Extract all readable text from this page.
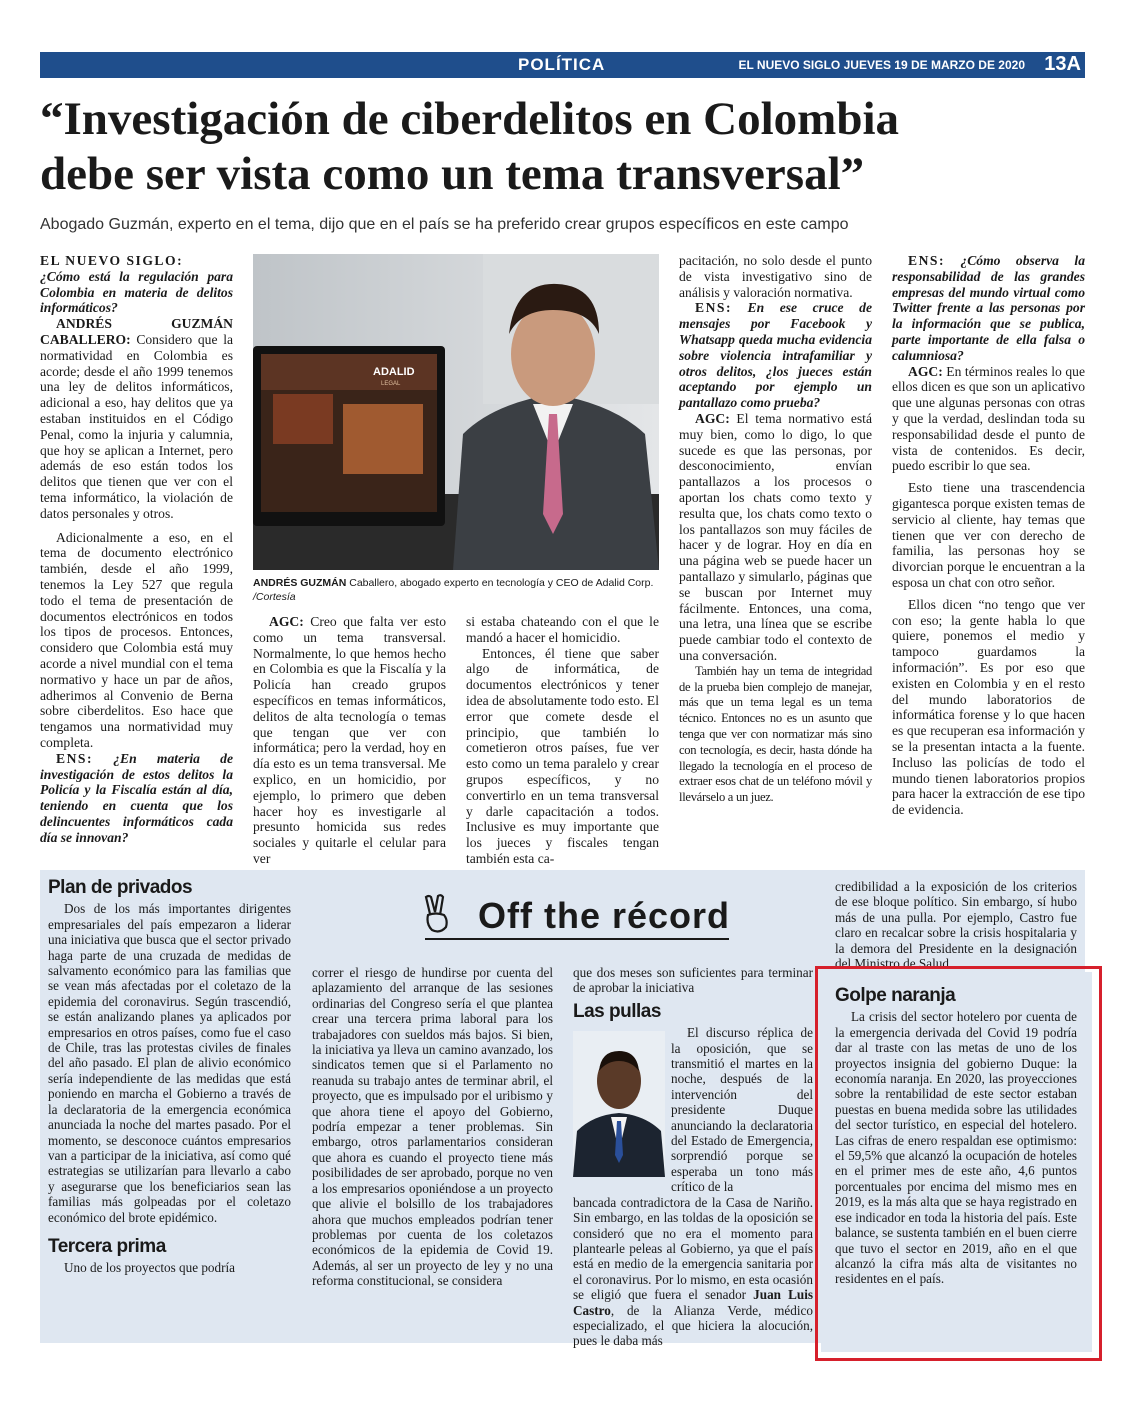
POLÍTICA	EL NUEVO SIGLO JUEVES 19 DE MARZO DE 2020 13A
“Investigación de ciberdelitos en Colombia
debe ser vista como un tema transversal”
Abogado Guzmán, experto en el tema, dijo que en el país se ha preferido crear grupos específicos en este campo

EL NUEVO SIGLO:
¿Cómo está la regulación para Colombia en materia de delitos informáticos?

ANDRÉS GUZMÁN CABALLERO: Considero que la normatividad en Colombia es acorde; desde el año 1999 tenemos una ley de delitos informáticos, adicional a eso, hay delitos que ya estaban instituidos en el Código Penal, como la injuria y calumnia, que hoy se aplican a Internet, pero además de eso están todos los delitos que tienen que ver con el tema informático, la violación de datos personales y otros.

Adicionalmente a eso, en el tema de documento electrónico también, desde el año 1999, tenemos la Ley 527 que regula todo el tema de presentación de documentos electrónicos en todos los tipos de procesos. Entonces, considero que Colombia está muy acorde a nivel mundial con el tema normativo y hace un par de años, adherimos al Convenio de Berna sobre ciberdelitos. Eso hace que tengamos una normatividad muy completa.

ENS: ¿En materia de investigación de estos delitos la Policía y la Fiscalía están al día, teniendo en cuenta que los delincuentes informáticos cada día se innovan?

ADALID
LEGAL
ANDRÉS GUZMÁN Caballero, abogado experto en tecnología y CEO de Adalid Corp. /Cortesía

AGC: Creo que falta ver esto como un tema transversal. Normalmente, lo que hemos hecho en Colombia es que la Fiscalía y la Policía han creado grupos específicos en temas informáticos, delitos de alta tecnología o temas que tengan que ver con informática; pero la verdad, hoy en día esto es un tema transversal. Me explico, en un homicidio, por ejemplo, lo primero que deben hacer hoy es investigarle al presunto homicida sus redes sociales y quitarle el celular para ver

si estaba chateando con el que le mandó a hacer el homicidio.

Entonces, él tiene que saber algo de informática, de documentos electrónicos y tener idea de absolutamente todo esto. El error que comete desde el principio, que también lo cometieron otros países, fue ver esto como un tema paralelo y crear grupos específicos, y no convertirlo en un tema transversal y darle capacitación a todos. Inclusive es muy importante que los jueces y fiscales tengan también esta ca-

pacitación, no solo desde el punto de vista investigativo sino de análisis y valoración normativa.

ENS: En ese cruce de mensajes por Facebook y Whatsapp queda mucha evidencia sobre violencia intrafamiliar y otros delitos, ¿los jueces están aceptando por ejemplo un pantallazo como prueba?

AGC: El tema normativo está muy bien, como lo digo, lo que sucede es que las personas, por desconocimiento, envían pantallazos a los procesos o aportan los chats como texto y resulta que, los chats como texto o los pantallazos son muy fáciles de hacer y de lograr. Hoy en día en una página web se puede hacer un pantallazo y simularlo, páginas que se buscan por Internet muy fácilmente. Entonces, una coma, una letra, una línea que se escribe puede cambiar todo el contexto de una conversación.

También hay un tema de integridad de la prueba bien complejo de manejar, más que un tema legal es un tema técnico. Entonces no es un asunto que tenga que ver con normatizar más sino con tecnología, es decir, hasta dónde ha llegado la tecnología en el proceso de extraer esos chat de un teléfono móvil y llevárselo a un juez.

ENS: ¿Cómo observa la responsabilidad de las grandes empresas del mundo virtual como Twitter frente a las personas por la información que se publica, parte importante de ella falsa o calumniosa?

AGC: En términos reales lo que ellos dicen es que son un aplicativo que une algunas personas con otras y que la verdad, deslindan toda su responsabilidad desde el punto de vista de contenidos. Es decir, puedo escribir lo que sea.

Esto tiene una trascendencia gigantesca porque existen temas de servicio al cliente, hay temas que tienen que ver con derecho de familia, las personas hoy se divorcian porque le encuentran a la esposa un chat con otro señor.

Ellos dicen “no tengo que ver con eso; la gente habla lo que quiere, ponemos el medio y tampoco guardamos la información”. Es por eso que existen en Colombia y en el resto del mundo laboratorios de informática forense y lo que hacen es que recuperan esa información y se la presentan intacta a la fuente. Incluso las policías de todo el mundo tienen laboratorios propios para hacer la extracción de ese tipo de evidencia.

Plan de privados

Dos de los más importantes dirigentes empresariales del país empezaron a liderar una iniciativa que busca que el sector privado haga parte de una cruzada de medidas de salvamento económico para las familias que se vean más afectadas por el coletazo de la epidemia del coronavirus. Según trascendió, se están analizando planes ya aplicados por empresarios en otros países, como fue el caso de Chile, tras las protestas civiles de finales del año pasado. El plan de alivio económico sería independiente de las medidas que está poniendo en marcha el Gobierno a través de la declaratoria de la emergencia económica anunciada la noche del martes pasado. Por el momento, se desconoce cuántos empresarios van a participar de la iniciativa, así como qué estrategias se utilizarían para llevarlo a cabo y asegurarse que los beneficiarios sean las familias más golpeadas por el coletazo económico del brote epidémico.

Tercera prima

Uno de los proyectos que podría

Off the récord

correr el riesgo de hundirse por cuenta del aplazamiento del arranque de las sesiones ordinarias del Congreso sería el que plantea crear una tercera prima laboral para los trabajadores con sueldos más bajos. Si bien, la iniciativa ya lleva un camino avanzado, los sindicatos temen que si el Parlamento no reanuda su trabajo antes de terminar abril, el proyecto, que es impulsado por el uribismo y que ahora tiene el apoyo del Gobierno, podría empezar a tener problemas. Sin embargo, otros parlamentarios consideran que ahora es cuando el proyecto tiene más posibilidades de ser aprobado, porque no ven a los empresarios oponiéndose a un proyecto que alivie el bolsillo de los trabajadores ahora que muchos empleados podrían tener problemas por cuenta de los coletazos económicos de la epidemia de Covid 19. Además, al ser un proyecto de ley y no una reforma constitucional, se considera

que dos meses son suficientes para terminar de aprobar la iniciativa

Las pullas

El discurso réplica de la oposición, que se transmitió el martes en la noche, después de la intervención del presidente Duque anunciando la declaratoria del Estado de Emergencia, sorprendió porque se esperaba un tono más crítico de la

bancada contradictora de la Casa de Nariño. Sin embargo, en las toldas de la oposición se consideró que no era el momento para plantearle peleas al Gobierno, ya que el país está en medio de la emergencia sanitaria por el coronavirus. Por lo mismo, en esta ocasión se eligió que fuera el senador Juan Luis Castro, de la Alianza Verde, médico especializado, el que hiciera la alocución, pues le daba más

credibilidad a la exposición de los criterios de ese bloque político. Sin embargo, sí hubo más de una pulla. Por ejemplo, Castro fue claro en recalcar sobre la crisis hospitalaria y la demora del Presidente en la designación del Ministro de Salud.

Golpe naranja

La crisis del sector hotelero por cuenta de la emergencia derivada del Covid 19 podría dar al traste con las metas de uno de los proyectos insignia del gobierno Duque: la economía naranja. En 2020, las proyecciones sobre la rentabilidad de este sector estaban puestas en buena medida sobre las utilidades del sector turístico, en especial del hotelero. Las cifras de enero respaldan ese optimismo: el 59,5% que alcanzó la ocupación de hoteles en el primer mes de este año, 4,6 puntos porcentuales por encima del mismo mes en 2019, es la más alta que se haya registrado en ese indicador en toda la historia del país. Este balance, se sustenta también en el buen cierre que tuvo el sector en 2019, año en el que alcanzó la cifra más alta de visitantes no residentes en el país.
